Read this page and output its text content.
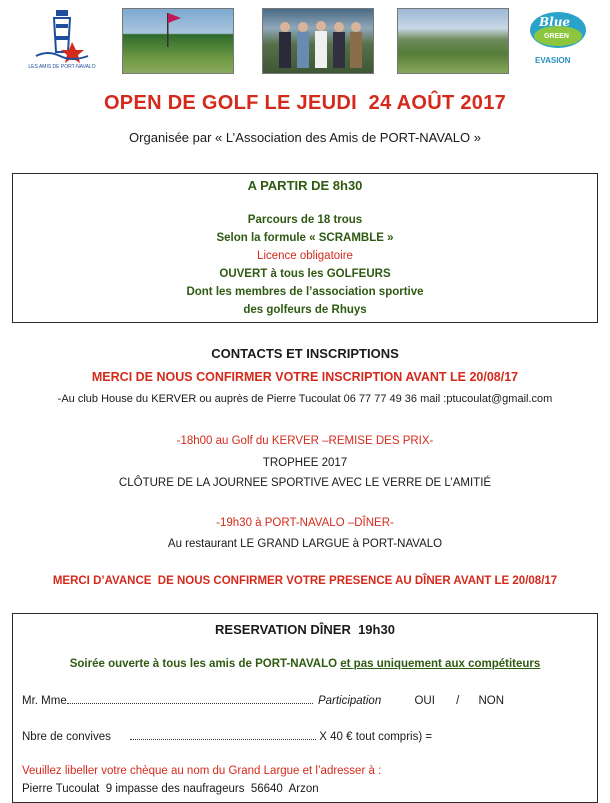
LES AMIS DE PORT-NAVALO
Blue
GREEN
EVASION
OPEN DE GOLF LE JEUDI  24 AOÛT 2017
Organisée par « L’Association des Amis de PORT-NAVALO »
A PARTIR DE 8h30
Parcours de 18 trous
Selon la formule « SCRAMBLE »
Licence obligatoire
OUVERT à tous les GOLFEURS
Dont les membres de l’association sportive
des golfeurs de Rhuys
CONTACTS ET INSCRIPTIONS
MERCI DE NOUS CONFIRMER VOTRE INSCRIPTION AVANT LE 20/08/17
-Au club House du KERVER ou auprès de Pierre Tucoulat 06 77 77 49 36 mail :ptucoulat@gmail.com
-18h00 au Golf du KERVER –REMISE DES PRIX-
TROPHEE 2017
CLÔTURE DE LA JOURNEE SPORTIVE AVEC LE VERRE DE L’AMITIÉ
-19h30 à PORT-NAVALO –DÎNER-
Au restaurant LE GRAND LARGUE à PORT-NAVALO
MERCI D’AVANCE  DE NOUS CONFIRMER VOTRE PRESENCE AU DÎNER AVANT LE 20/08/17
RESERVATION DÎNER  19h30
Soirée ouverte à tous les amis de PORT-NAVALO et pas uniquement aux compétiteurs
Mr. Mme	Participation	OUI / NON
Nbre de convives	X 40 € tout compris) =
Veuillez libeller votre chèque au nom du Grand Largue et l’adresser à :
Pierre Tucoulat  9 impasse des naufrageurs  56640  Arzon
